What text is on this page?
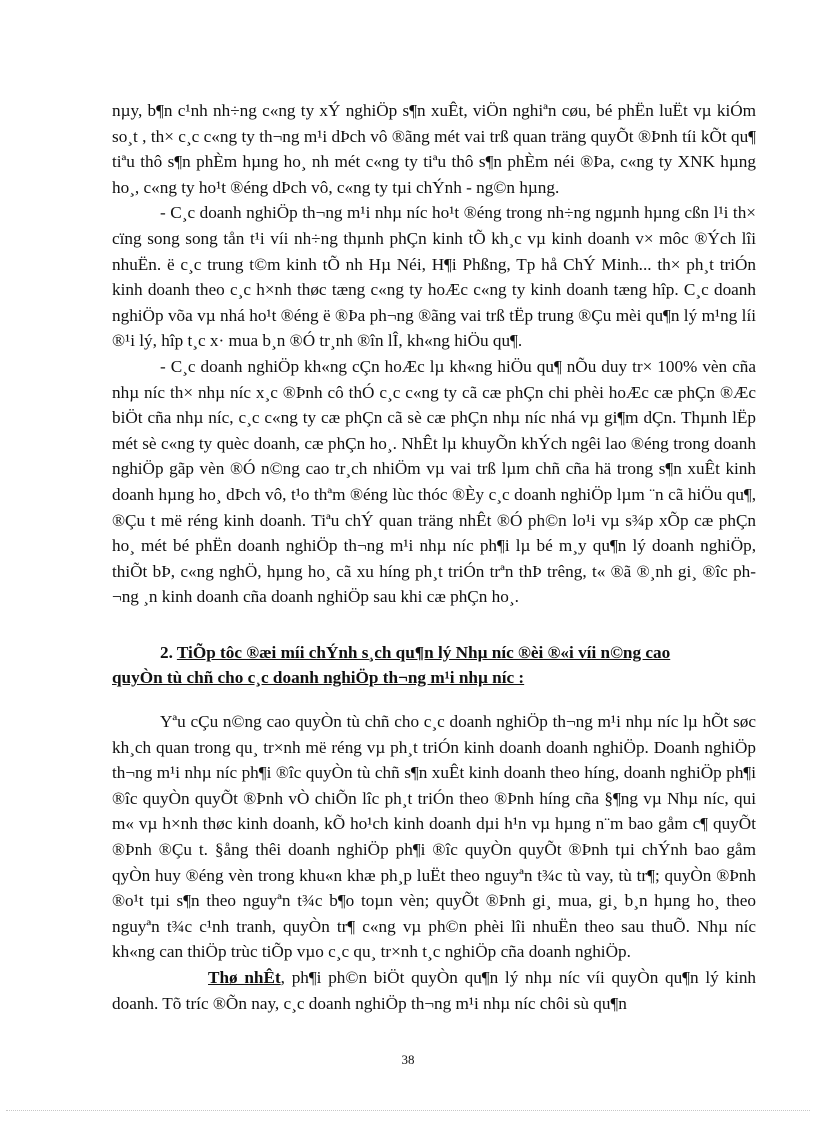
nµy, b¶n c¹nh nh÷ng c«ng ty xÝ nghiÖp s¶n xuÊt, viÖn nghiªn cøu, bé phËn luËt vµ kiÓm so¸t , th× c¸c c«ng ty th¬ng m¹i dÞch vô ®ãng mét vai trß quan träng quyÕt ®Þnh tíi kÕt qu¶ tiªu thô s¶n phÈm hµng ho¸ nh mét c«ng ty tiªu thô s¶n phÈm néi ®Þa, c«ng ty XNK hµng ho¸, c«ng ty ho¹t ®éng dÞch vô, c«ng ty tµi chÝnh - ng©n hµng.

- C¸c doanh nghiÖp th¬ng m¹i nhµ níc ho¹t ®éng trong nh÷ng ngµnh hµng cßn l¹i th× cïng song song tån t¹i víi nh÷ng thµnh phÇn kinh tÕ kh¸c vµ kinh doanh v× môc ®Ých lîi nhuËn. ë c¸c trung t©m kinh tÕ nh Hµ Néi, H¶i Phßng, Tp hå ChÝ Minh... th× ph¸t triÓn kinh doanh theo c¸c h×nh thøc tæng c«ng ty hoÆc c«ng ty kinh doanh tæng hîp. C¸c doanh nghiÖp võa vµ nhá ho¹t ®éng ë ®Þa ph¬ng ®ãng vai trß tËp trung ®Çu mèi qu¶n lý m¹ng líi ®¹i lý, hîp t¸c x· mua b¸n ®Ó tr¸nh ®în lÎ, kh«ng hiÖu qu¶.

- C¸c doanh nghiÖp kh«ng cÇn hoÆc lµ kh«ng hiÖu qu¶ nÕu duy tr× 100% vèn cña nhµ níc th× nhµ níc x¸c ®Þnh cô thÓ c¸c c«ng ty cã cæ phÇn chi phèi hoÆc cæ phÇn ®Æc biÖt cña nhµ níc, c¸c c«ng ty cæ phÇn cã sè cæ phÇn nhµ níc nhá vµ gi¶m dÇn. Thµnh lËp mét sè c«ng ty quèc doanh, cæ phÇn ho¸. NhÊt lµ khuyÕn khÝch ngêi lao ®éng trong doanh nghiÖp gãp vèn ®Ó n©ng cao tr¸ch nhiÖm vµ vai trß lµm chñ cña hä trong s¶n xuÊt kinh doanh hµng ho¸ dÞch vô, t¹o thªm ®éng lùc thóc ®Èy c¸c doanh nghiÖp lµm ¨n cã hiÖu qu¶, ®Çu t më réng kinh doanh. Tiªu chÝ quan träng nhÊt ®Ó ph©n lo¹i vµ s¾p xÕp cæ phÇn ho¸ mét bé phËn doanh nghiÖp th¬ng m¹i nhµ níc ph¶i lµ bé m¸y qu¶n lý doanh nghiÖp, thiÕt bÞ, c«ng nghÖ, hµng ho¸ cã xu híng ph¸t triÓn trªn thÞ trêng, t« ®ã ®¸nh gi¸ ®îc ph¬ng ¸n kinh doanh cña doanh nghiÖp sau khi cæ phÇn ho¸.

2. TiÕp tôc ®æi míi chÝnh s¸ch qu¶n lý Nhµ níc ®èi ®«i víi n©ng cao
quyÒn tù chñ cho c¸c doanh nghiÖp th¬ng m¹i nhµ níc :

Yªu cÇu n©ng cao quyÒn tù chñ cho c¸c doanh nghiÖp th¬ng m¹i nhµ níc lµ hÕt søc kh¸ch quan trong qu¸ tr×nh më réng vµ ph¸t triÓn kinh doanh doanh nghiÖp. Doanh nghiÖp th¬ng m¹i nhµ níc ph¶i ®îc quyÒn tù chñ s¶n xuÊt kinh doanh theo híng, doanh nghiÖp ph¶i ®îc quyÒn quyÕt ®Þnh vÒ chiÕn lîc ph¸t triÓn theo ®Þnh híng cña §¶ng vµ Nhµ níc, qui m« vµ h×nh thøc kinh doanh, kÕ ho¹ch kinh doanh dµi h¹n vµ hµng n¨m bao gåm c¶ quyÕt ®Þnh ®Çu t. §ång thêi doanh nghiÖp ph¶i ®îc quyÒn quyÕt ®Þnh tµi chÝnh bao gåm qyÒn huy ®éng vèn trong khu«n khæ ph¸p luËt theo nguyªn t¾c tù vay, tù tr¶; quyÒn ®Þnh ®o¹t tµi s¶n theo nguyªn t¾c b¶o toµn vèn; quyÕt ®Þnh gi¸ mua, gi¸ b¸n hµng ho¸ theo nguyªn t¾c c¹nh tranh, quyÒn tr¶ c«ng vµ ph©n phèi lîi nhuËn theo sau thuÕ. Nhµ níc kh«ng can thiÖp trùc tiÕp vµo c¸c qu¸ tr×nh t¸c nghiÖp cña doanh nghiÖp.

Thø nhÊt, ph¶i ph©n biÖt quyÒn qu¶n lý nhµ níc víi quyÒn qu¶n lý kinh doanh. Tõ tríc ®Õn nay, c¸c doanh nghiÖp th¬ng m¹i nhµ níc chôi sù qu¶n

38
